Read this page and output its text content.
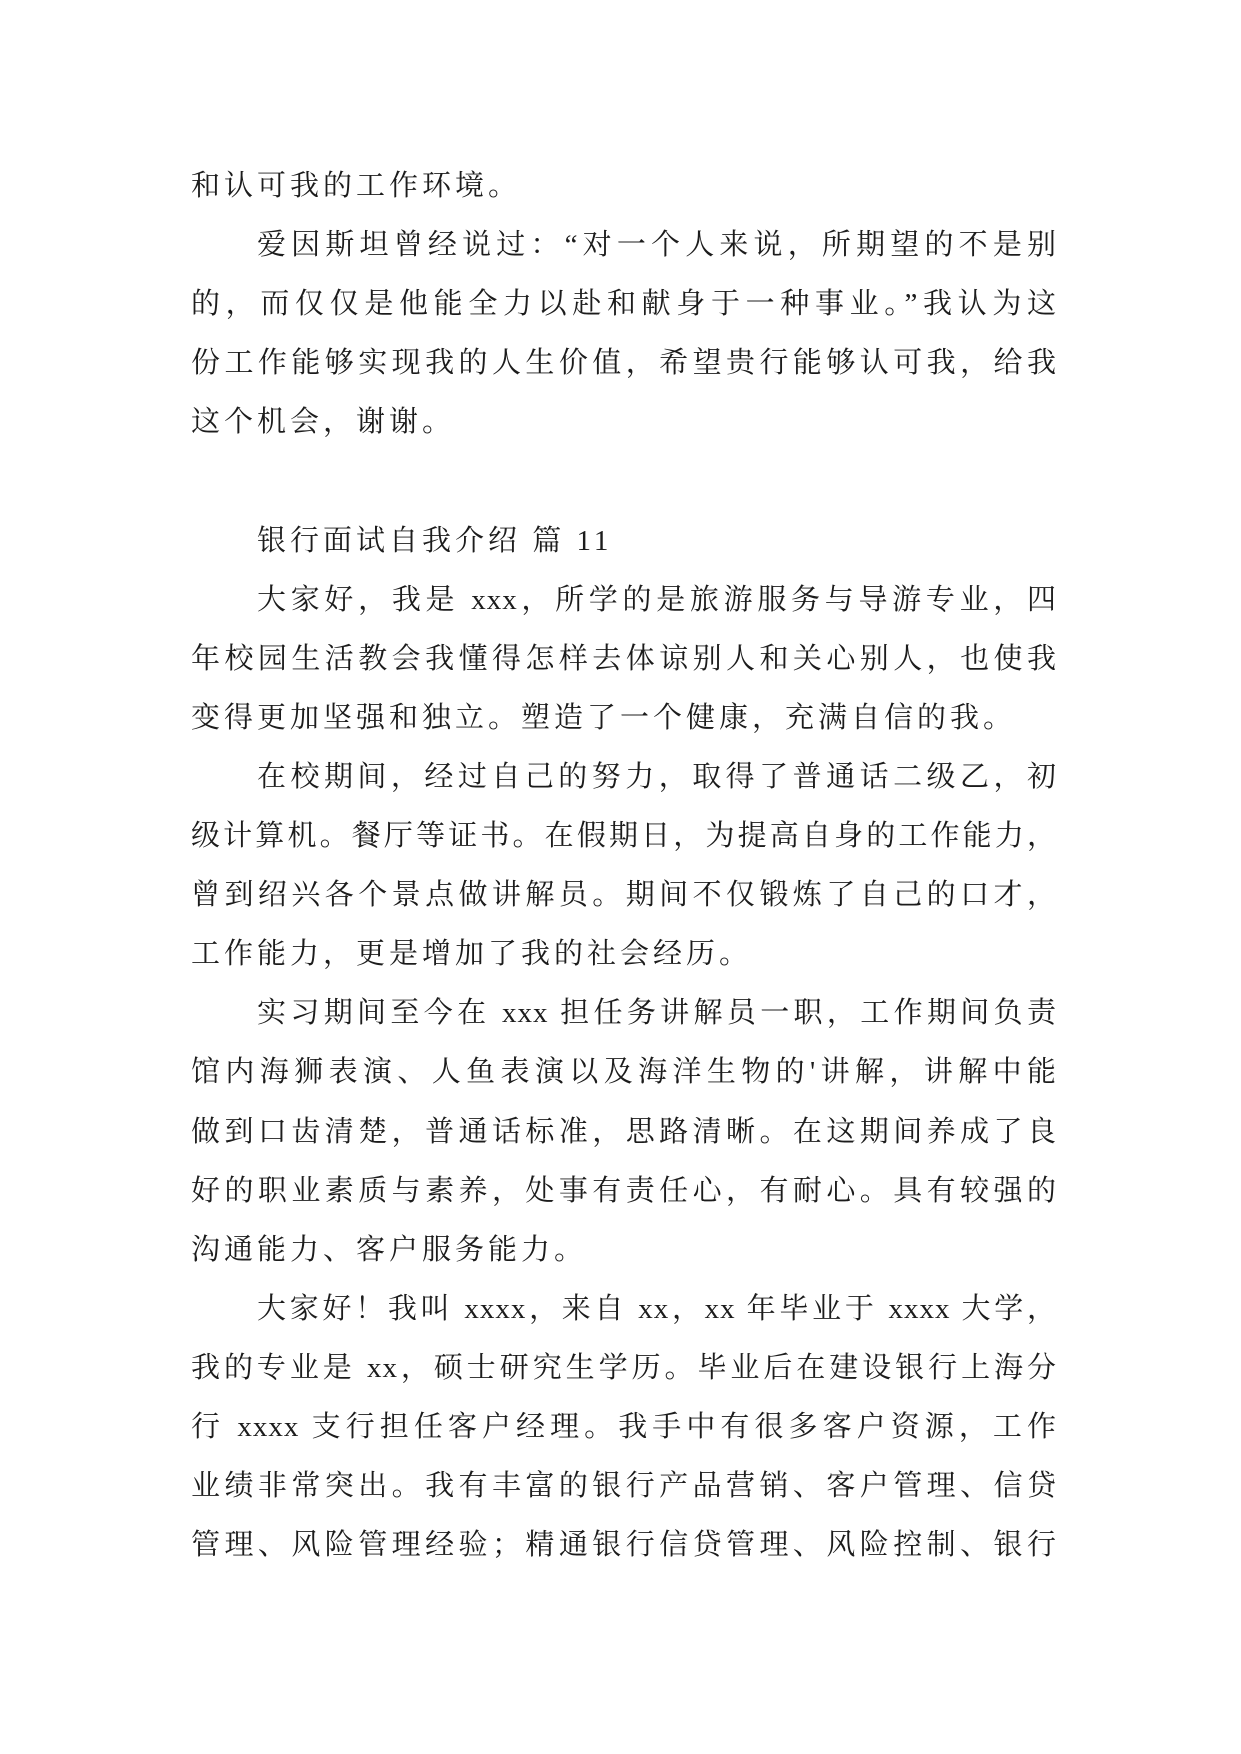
和认可我的工作环境。
爱因斯坦曾经说过：“对一个人来说，所期望的不是别
的，而仅仅是他能全力以赴和献身于一种事业。”我认为这
份工作能够实现我的人生价值，希望贵行能够认可我，给我
这个机会，谢谢。
银行面试自我介绍 篇 11
大家好，我是 xxx，所学的是旅游服务与导游专业，四
年校园生活教会我懂得怎样去体谅别人和关心别人，也使我
变得更加坚强和独立。塑造了一个健康，充满自信的我。
在校期间，经过自己的努力，取得了普通话二级乙，初
级计算机。餐厅等证书。在假期日，为提高自身的工作能力，
曾到绍兴各个景点做讲解员。期间不仅锻炼了自己的口才，
工作能力，更是增加了我的社会经历。
实习期间至今在 xxx 担任务讲解员一职，工作期间负责
馆内海狮表演、人鱼表演以及海洋生物的'讲解，讲解中能
做到口齿清楚，普通话标准，思路清晰。在这期间养成了良
好的职业素质与素养，处事有责任心，有耐心。具有较强的
沟通能力、客户服务能力。
大家好！我叫 xxxx，来自 xx，xx 年毕业于 xxxx 大学，
我的专业是 xx，硕士研究生学历。毕业后在建设银行上海分
行 xxxx 支行担任客户经理。我手中有很多客户资源，工作
业绩非常突出。我有丰富的银行产品营销、客户管理、信贷
管理、风险管理经验；精通银行信贷管理、风险控制、银行
